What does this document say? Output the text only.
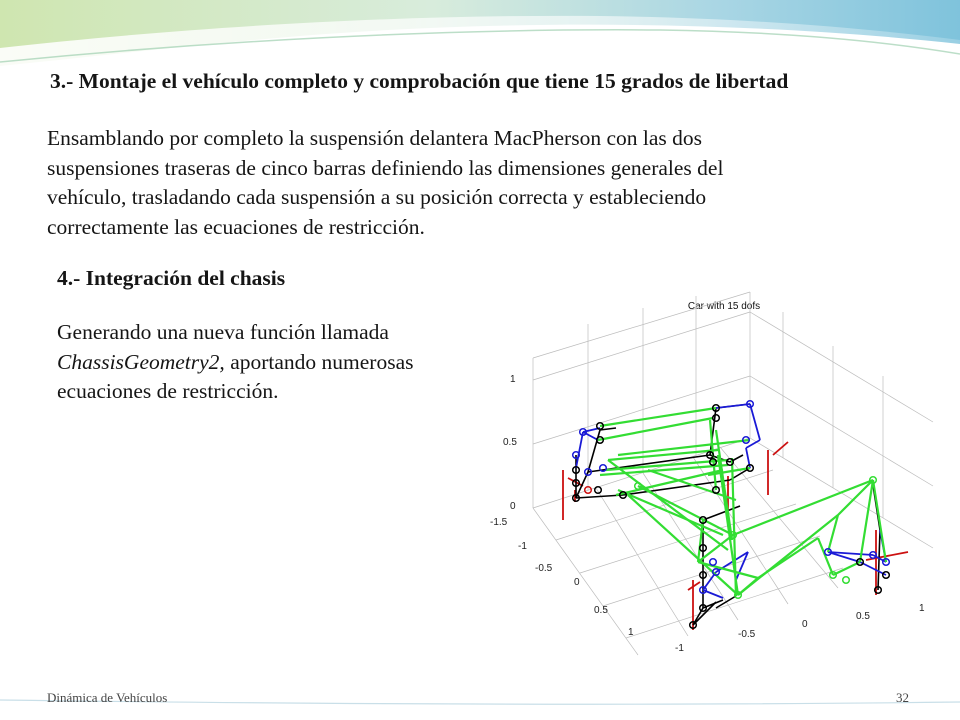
3.- Montaje el vehículo completo y comprobación que tiene 15 grados de libertad

Ensamblando por completo la suspensión delantera MacPherson con las dos
suspensiones traseras de cinco barras definiendo las dimensiones generales del
vehículo, trasladando cada suspensión a su posición correcta y estableciendo
correctamente las ecuaciones de restricción.

4.- Integración del chasis

Generando una nueva función llamada
ChassisGeometry2, aportando numerosas
ecuaciones de restricción.

Car with 15 dofs
1
0.5
0
-1.5
-1
-0.5
0
0.5
1
-1
-0.5
0
0.5
1
Dinámica de Vehículos	32
